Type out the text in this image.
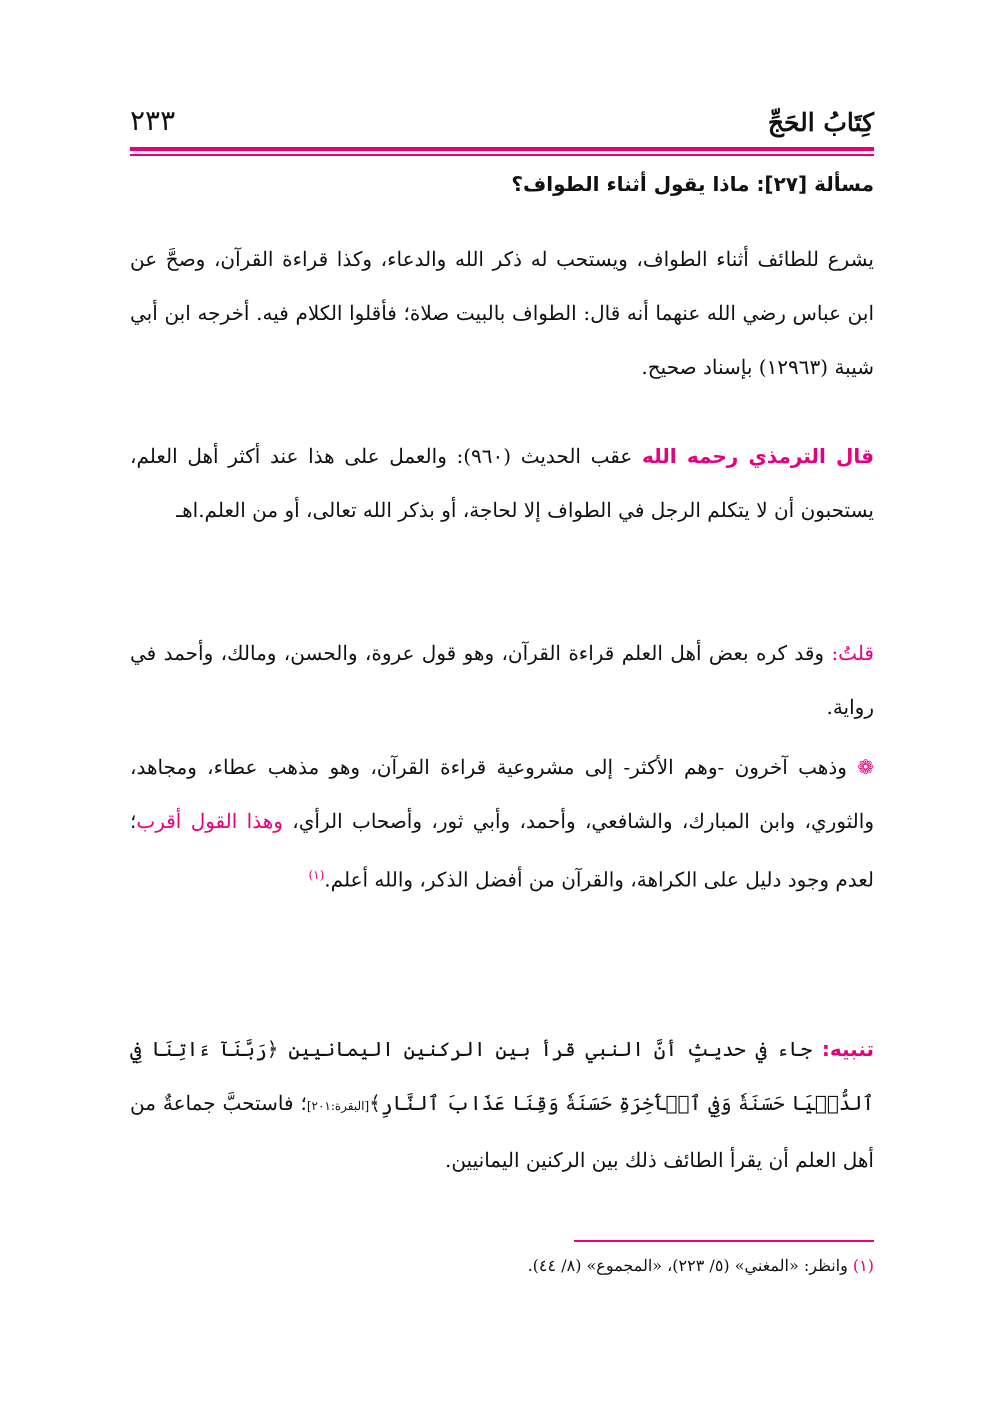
كِتَابُ الحَجِّ
٢٣٣
مسألة [٢٧]: ماذا يقول أثناء الطواف؟

يشرع للطائف أثناء الطواف، ويستحب له ذكر الله والدعاء، وكذا قراءة القرآن، وصحَّ عن ابن عباس رضي الله عنهما أنه قال: الطواف بالبيت صلاة؛ فأقلوا الكلام فيه. أخرجه ابن أبي شيبة (١٢٩٦٣) بإسناد صحيح.

قال الترمذي رحمه الله عقب الحديث (٩٦٠): والعمل على هذا عند أكثر أهل العلم، يستحبون أن لا يتكلم الرجل في الطواف إلا لحاجة، أو بذكر الله تعالى، أو من العلم.اهـ

قلتُ: وقد كره بعض أهل العلم قراءة القرآن، وهو قول عروة، والحسن، ومالك، وأحمد في رواية.

❁ وذهب آخرون -وهم الأكثر- إلى مشروعية قراءة القرآن، وهو مذهب عطاء، ومجاهد، والثوري، وابن المبارك، والشافعي، وأحمد، وأبي ثور، وأصحاب الرأي، وهذا القول أقرب؛ لعدم وجود دليل على الكراهة، والقرآن من أفضل الذكر، والله أعلم.$^{(١)}$

تنبيه: جاء في حديثٍ أنَّ النبي قرأ بين الركنين اليمانيين ﴿رَبَّنَآ ءَاتِنَا فِي ٱلدُّنۡيَا حَسَنَةٗ وَفِي ٱلۡأٓخِرَةِ حَسَنَةٗ وَقِنَا عَذَابَ ٱلنَّارِ﴾[البقرة:٢٠١]؛ فاستحبَّ جماعةٌ من أهل العلم أن يقرأ الطائف ذلك بين الركنين اليمانيين.

(١) وانظر: «المغني» (٥/ ٢٢٣)، «المجموع» (٨/ ٤٤).
